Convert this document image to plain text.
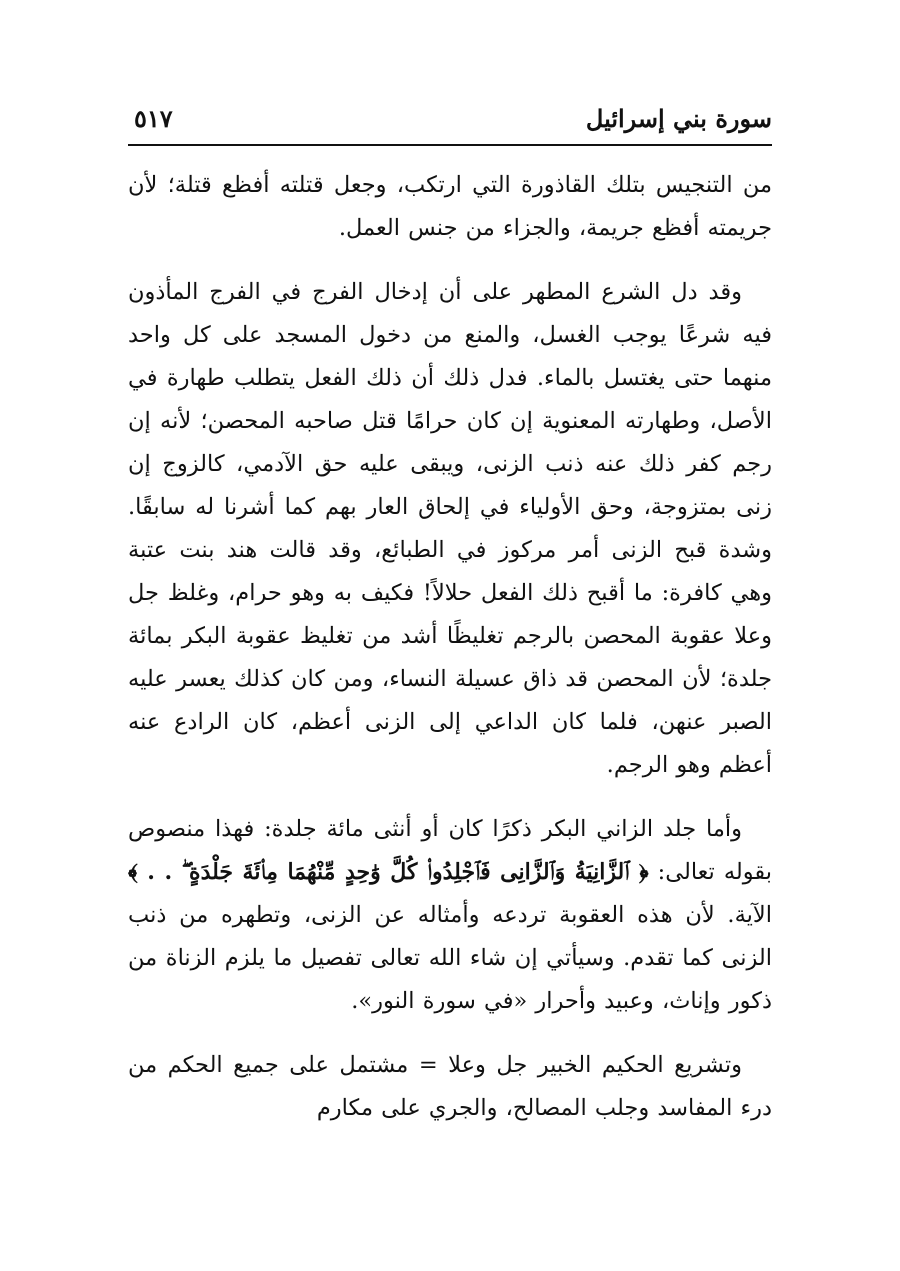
سورة بني إسرائيل
٥١٧

من التنجيس بتلك القاذورة التي ارتكب، وجعل قتلته أفظع قتلة؛ لأن جريمته أفظع جريمة، والجزاء من جنس العمل.

وقد دل الشرع المطهر على أن إدخال الفرج في الفرج المأذون فيه شرعًا يوجب الغسل، والمنع من دخول المسجد على كل واحد منهما حتى يغتسل بالماء. فدل ذلك أن ذلك الفعل يتطلب طهارة في الأصل، وطهارته المعنوية إن كان حرامًا قتل صاحبه المحصن؛ لأنه إن رجم كفر ذلك عنه ذنب الزنى، ويبقى عليه حق الآدمي، كالزوج إن زنى بمتزوجة، وحق الأولياء في إلحاق العار بهم كما أشرنا له سابقًا. وشدة قبح الزنى أمر مركوز في الطبائع، وقد قالت هند بنت عتبة وهي كافرة: ما أقبح ذلك الفعل حلالاً! فكيف به وهو حرام، وغلظ جل وعلا عقوبة المحصن بالرجم تغليظًا أشد من تغليظ عقوبة البكر بمائة جلدة؛ لأن المحصن قد ذاق عسيلة النساء، ومن كان كذلك يعسر عليه الصبر عنهن، فلما كان الداعي إلى الزنى أعظم، كان الرادع عنه أعظم وهو الرجم.

وأما جلد الزاني البكر ذكرًا كان أو أنثى مائة جلدة: فهذا منصوص بقوله تعالى: ﴿ ٱلزَّانِيَةُ وَٱلزَّانِى فَٱجْلِدُوا۟ كُلَّ وَٰحِدٍ مِّنْهُمَا مِا۟ئَةَ جَلْدَةٍ ۖ . . ﴾ الآية. لأن هذه العقوبة تردعه وأمثاله عن الزنى، وتطهره من ذنب الزنى كما تقدم. وسيأتي إن شاء الله تعالى تفصيل ما يلزم الزناة من ذكور وإناث، وعبيد وأحرار «في سورة النور».

وتشريع الحكيم الخبير جل وعلا = مشتمل على جميع الحكم من درء المفاسد وجلب المصالح، والجري على مكارم
